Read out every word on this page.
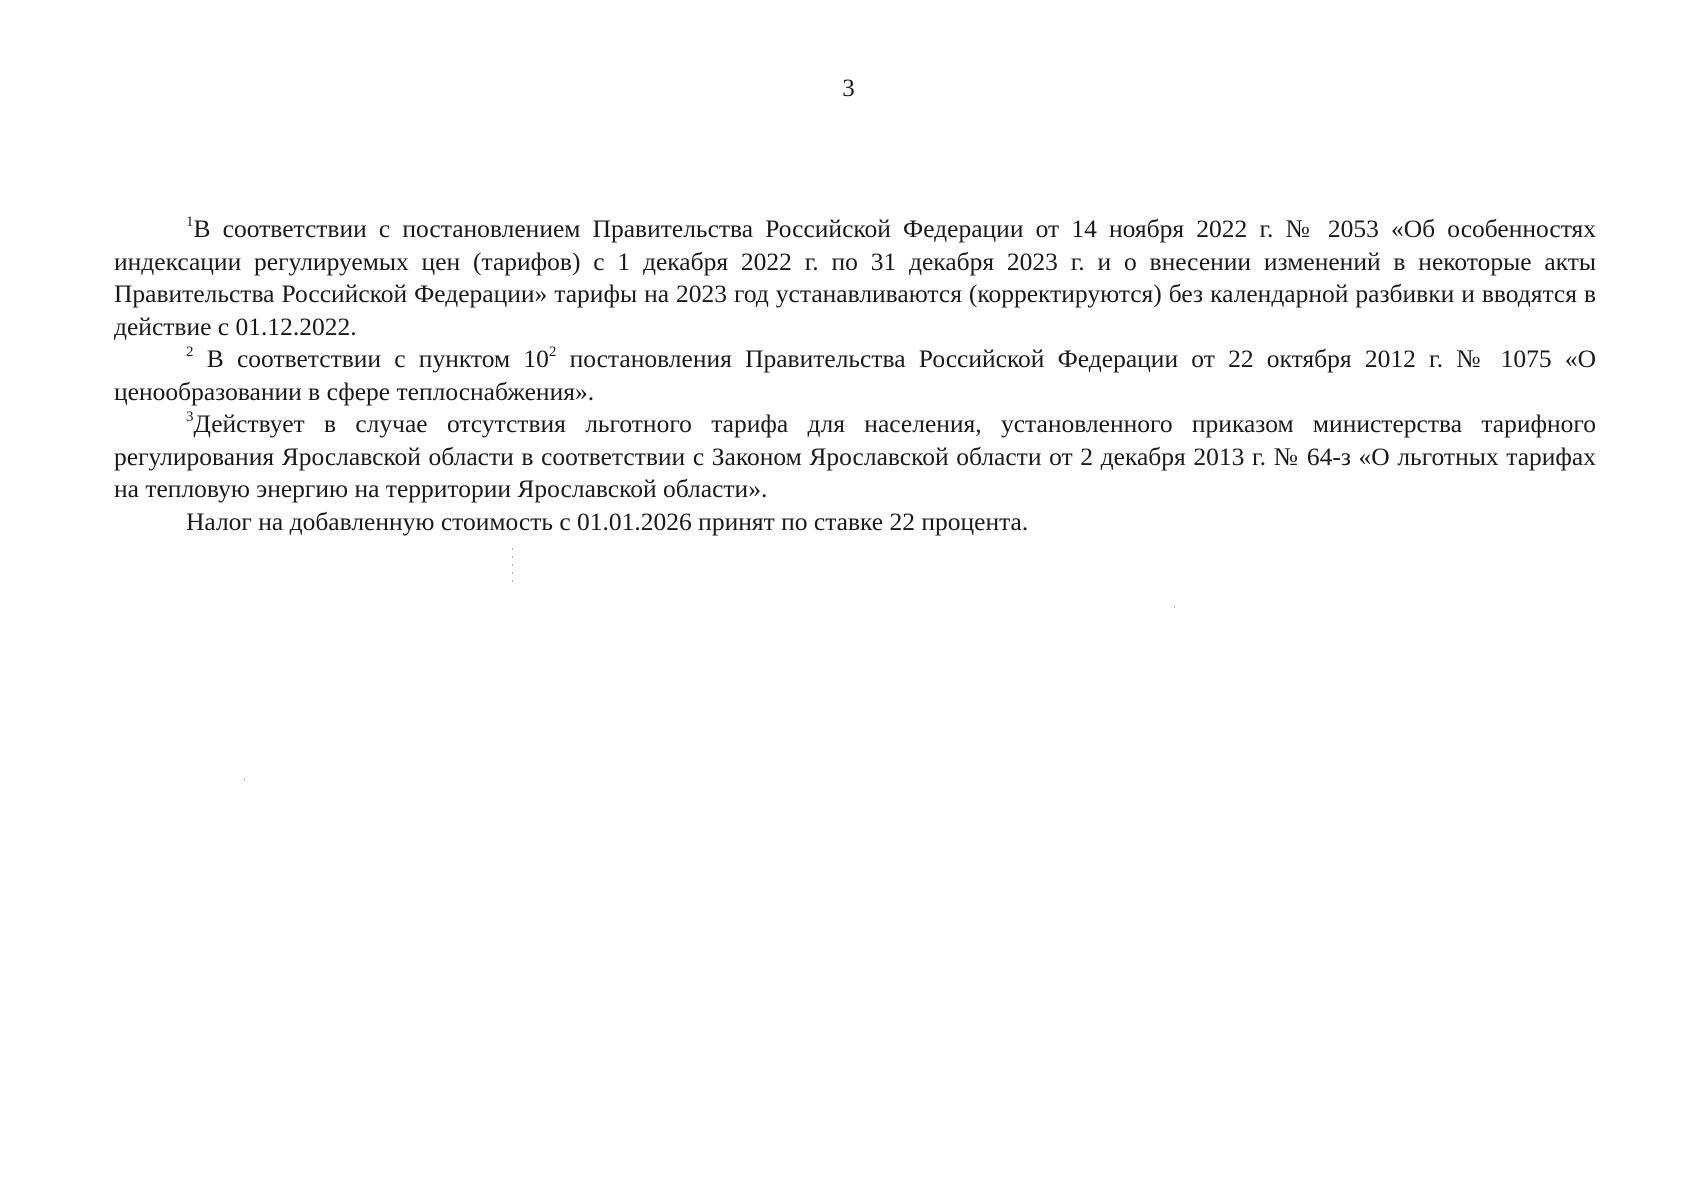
3

$^1$В соответствии с постановлением Правительства Российской Федерации от 14 ноября 2022 г. № 2053 «Об особенностях индексации регулируемых цен (тарифов) с 1 декабря 2022 г. по 31 декабря 2023 г. и о внесении изменений в некоторые акты Правительства Российской Федерации» тарифы на 2023 год устанавливаются (корректируются) без календарной разбивки и вводятся в действие с 01.12.2022.

$^2$ В соответствии с пунктом $10^2$ постановления Правительства Российской Федерации от 22 октября 2012 г. № 1075 «О ценообразовании в сфере теплоснабжения».

$^3$Действует в случае отсутствия льготного тарифа для населения, установленного приказом министерства тарифного регулирования Ярославской области в соответствии с Законом Ярославской области от 2 декабря 2013 г. № 64-з «О льготных тарифах на тепловую энергию на территории Ярославской области».

Налог на добавленную стоимость с 01.01.2026 принят по ставке 22 процента.
